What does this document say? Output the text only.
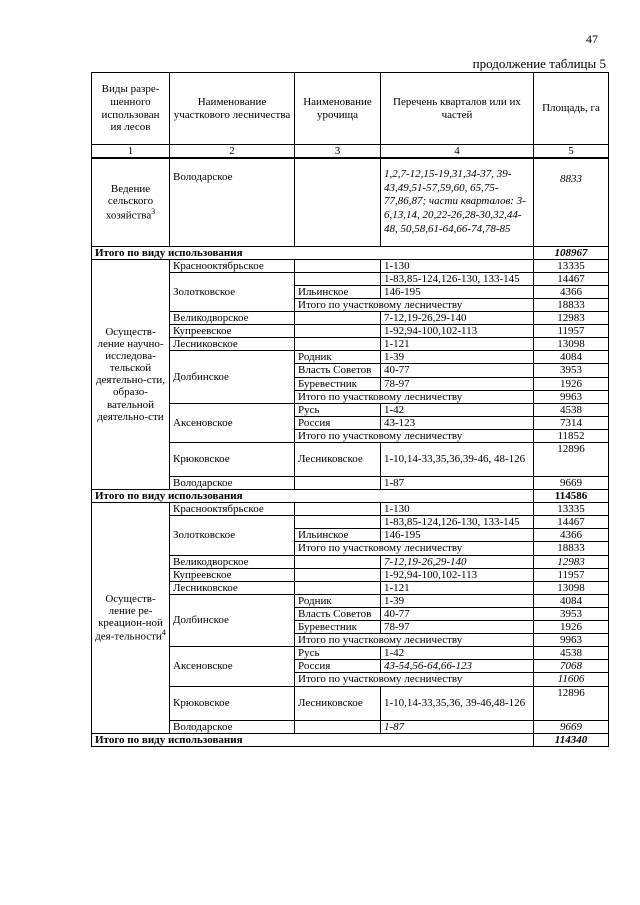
47
продолжение таблицы 5
Виды разре-шенного использован ия лесов	Наименование участкового лесничества	Наименование урочища	Перечень кварталов или их частей	Площадь, га
1	2	3	4	5
Ведение сельского хозяйства$^3$	Володарское		1,2,7-12,15-19,31,34-37, 39-43,49,51-57,59,60, 65,75-77,86,87; части кварталов: 3-6,13,14, 20,22-26,28-30,32,44-48, 50,58,61-64,66-74,78-85	8833
Итого по виду использования				108967
Осуществ-ление научно-исследова-тельской деятельно-сти, образо-вательной деятельно-сти	Краснооктябрьское		1-130	13335
	Золотковское		1-83,85-124,126-130, 133-145	14467
		Ильинское	146-195	4366
		Итого по участковому лесничеству		18833
	Великодворское		7-12,19-26,29-140	12983
	Купреевское		1-92,94-100,102-113	11957
	Лесниковское		1-121	13098
	Долбинское	Родник	1-39	4084
		Власть Советов	40-77	3953
		Буревестник	78-97	1926
		Итого по участковому лесничеству		9963
	Аксеновское	Русь	1-42	4538
		Россия	43-123	7314
		Итого по участковому лесничеству		11852
	Крюковское	Лесниковское	1-10,14-33,35,36,39-46, 48-126	12896
	Володарское		1-87	9669
Итого по виду использования				114586
Осуществ-ление ре-креацион-ной дея-тельности$^4$	Краснооктябрьское		1-130	13335
	Золотковское		1-83,85-124,126-130, 133-145	14467
		Ильинское	146-195	4366
		Итого по участковому лесничеству		18833
	Великодворское		7-12,19-26,29-140	12983
	Купреевское		1-92,94-100,102-113	11957
	Лесниковское		1-121	13098
	Долбинское	Родник	1-39	4084
		Власть Советов	40-77	3953
		Буревестник	78-97	1926
		Итого по участковому лесничеству		9963
	Аксеновское	Русь	1-42	4538
		Россия	43-54,56-64,66-123	7068
		Итого по участковому лесничеству		11606
	Крюковское	Лесниковское	1-10,14-33,35,36, 39-46,48-126	12896
	Володарское		1-87	9669
Итого по виду использования				114340
